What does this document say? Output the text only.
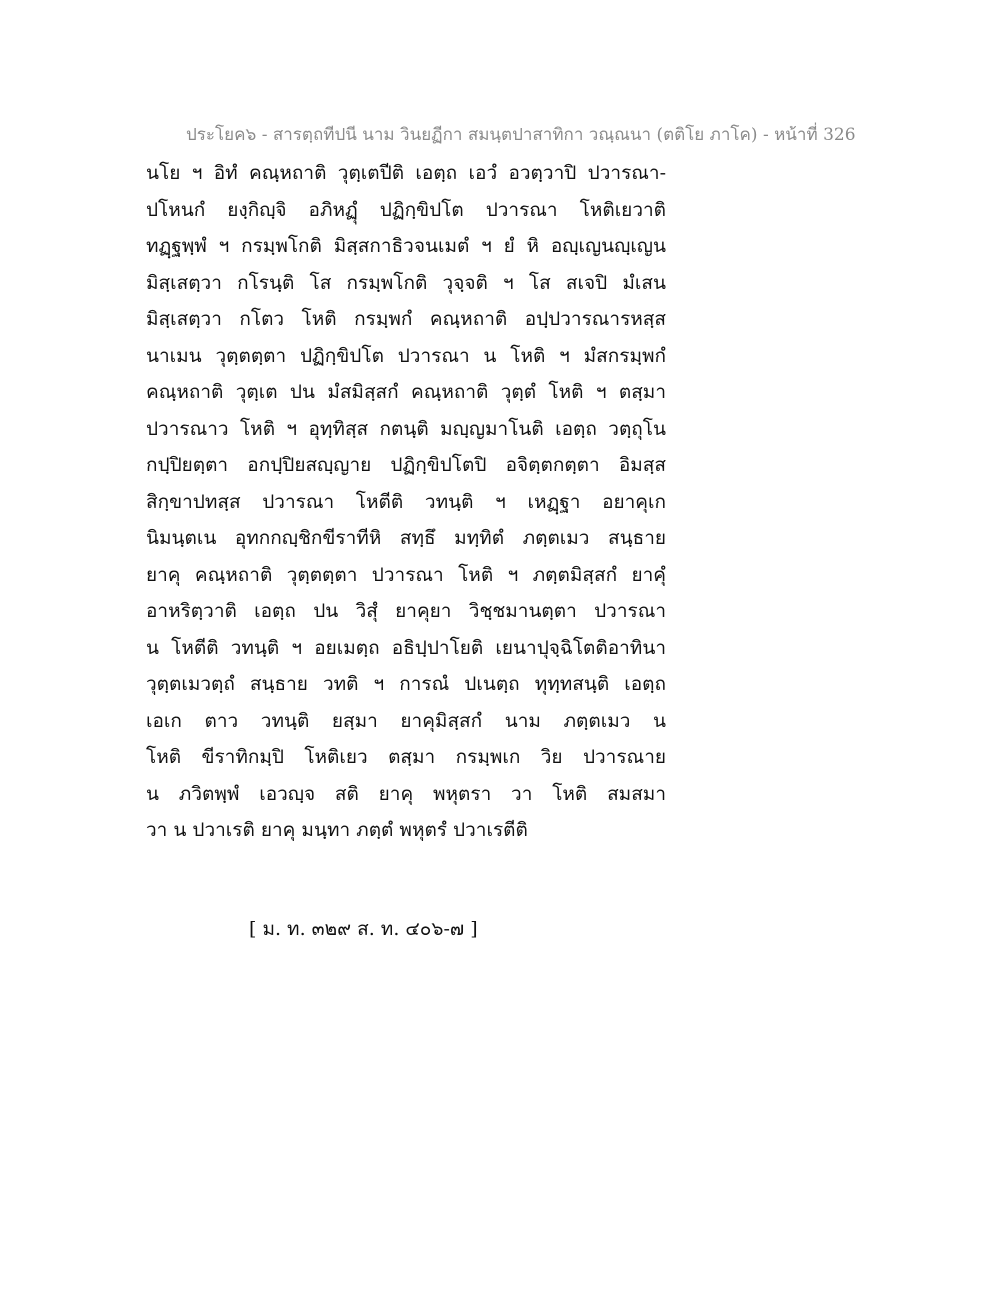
ประโยค๖ - สารตฺถทีปนี นาม วินยฏีกา สมนฺตปาสาทิกา วณฺณนา (ตติโย ภาโค) - หน้าที่ 326
นโย ฯ อิทํ คณฺหถาติ วุตฺเตปีติ เอตฺถ เอวํ อวตฺวาปิ ปวารณา-
ปโหนกํ ยงฺกิญฺจิ อภิหฏุํ ปฏิกฺขิปโต ปวารณา โหติเยวาติ
ทฏฺฐพฺพํ ฯ กรมฺพโกติ มิสฺสกาธิวจนเมตํ ฯ ยํ หิ อญฺเญนญฺเญน
มิสฺเสตฺวา กโรนฺติ โส กรมฺพโกติ วุจฺจติ ฯ โส สเจปิ มํเสน
มิสฺเสตฺวา กโตว โหติ กรมฺพกํ คณฺหถาติ อปฺปวารณารหสฺส
นาเมน วุตฺตตฺตา ปฏิกฺขิปโต ปวารณา น โหติ ฯ มํสกรมฺพกํ
คณฺหถาติ วุตฺเต ปน มํสมิสฺสกํ คณฺหถาติ วุตฺตํ โหติ ฯ ตสฺมา
ปวารณาว โหติ ฯ อุทฺทิสฺส กตนฺติ มญฺญมาโนติ เอตฺถ วตฺถุโน
กปฺปิยตฺตา อกปฺปิยสญฺญาย ปฏิกฺขิปโตปิ อจิตฺตกตฺตา อิมสฺส
สิกฺขาปทสฺส ปวารณา โหตีติ วทนฺติ ฯ เหฏฺฐา อยาคุเก
นิมนฺตเน อุทกกญฺชิกขีราทีหิ สทฺธึ มทฺทิตํ ภตฺตเมว สนฺธาย
ยาคุ คณฺหถาติ วุตฺตตฺตา ปวารณา โหติ ฯ ภตฺตมิสฺสกํ ยาคุํ
อาหริตฺวาติ เอตฺถ ปน วิสุํ ยาคุยา วิชฺชมานตฺตา ปวารณา
น โหตีติ วทนฺติ ฯ อยเมตฺถ อธิปฺปาโยติ เยนาปุจฺฉิโตติอาทินา
วุตฺตเมวตฺถํ สนฺธาย วทติ ฯ การณํ ปเนตฺถ ทุทฺทสนฺติ เอตฺถ
เอเก ตาว วทนฺติ ยสฺมา ยาคุมิสฺสกํ นาม ภตฺตเมว น
โหติ ขีราทิกมฺปิ โหติเยว ตสฺมา กรมฺพเก วิย ปวารณาย
น ภวิตพฺพํ เอวญฺจ สติ ยาคุ พหุตรา วา โหติ สมสมา
วา น ปวาเรติ ยาคุ มนฺทา ภตฺตํ พหุตรํ ปวาเรตีติ
[ ม. ท. ๓๒๙ ส. ท. ๔๐๖-๗ ]
